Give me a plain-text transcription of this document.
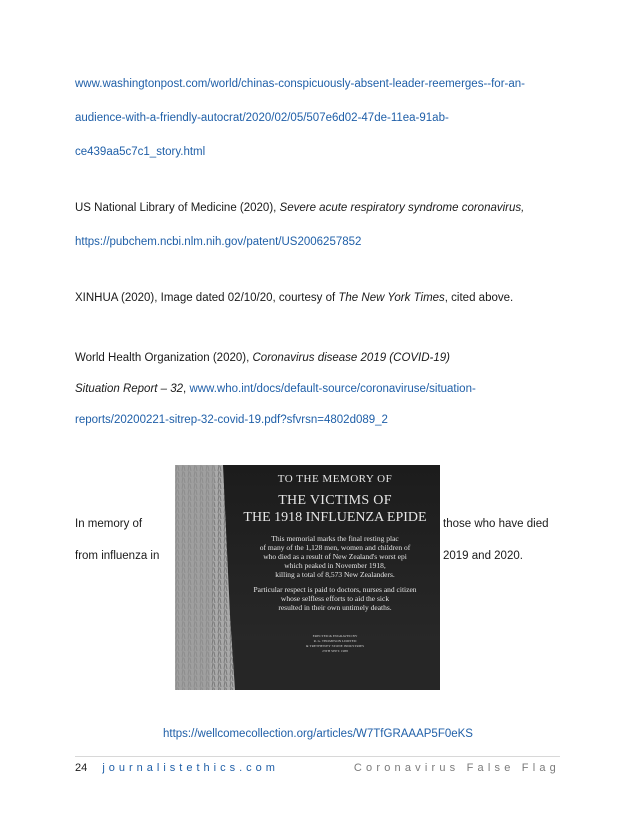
www.washingtonpost.com/world/chinas-conspicuously-absent-leader-reemerges--for-an-
audience-with-a-friendly-autocrat/2020/02/05/507e6d02-47de-11ea-91ab-
ce439aa5c7c1_story.html
US National Library of Medicine (2020), Severe acute respiratory syndrome coronavirus,
https://pubchem.ncbi.nlm.nih.gov/patent/US2006257852
XINHUA (2020), Image dated 02/10/20, courtesy of The New York Times, cited above.
World Health Organization (2020), Coronavirus disease 2019 (COVID-19)
Situation Report – 32, www.who.int/docs/default-source/coronaviruse/situation-
reports/20200221-sitrep-32-covid-19.pdf?sfvrsn=4802d089_2
In memory of
from influenza in
those who have died
2019 and 2020.
TO THE MEMORY OF
THE VICTIMS OF
THE 1918 INFLUENZA EPIDE
This memorial marks the final resting plac
of many of the 1,128 men, women and children of
who died as a result of New Zealand's worst epi
which peaked in November 1918,
killing a total of 8,573 New Zealanders.
Particular respect is paid to doctors, nurses and citizen
whose selfless efforts to aid the sick
resulted in their own untimely deaths.
ERECTED & ENGRAVED BY
R. G. THOMPSON LIMITED
& TRETHEWEY STONE INDUSTRIES
23TH SEPT. 1988
https://wellcomecollection.org/articles/W7TfGRAAAP5F0eKS
24 journalistethics.com	Coronavirus False Flag
